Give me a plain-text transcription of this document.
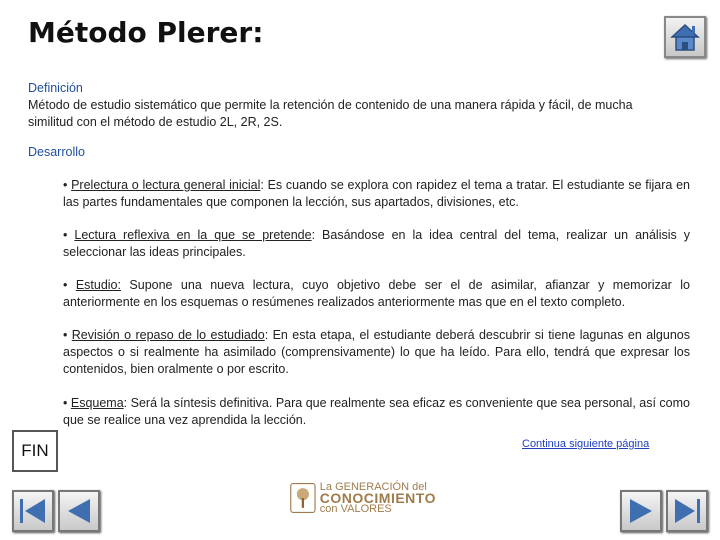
Método Plerer:
Definición
Método de estudio sistemático que permite la retención de contenido de una manera rápida y fácil, de mucha similitud con el método de estudio 2L, 2R, 2S.
Desarrollo
• Prelectura o lectura general inicial: Es cuando se explora con rapidez el tema a tratar. El estudiante se fijara en las partes fundamentales que componen la lección, sus apartados, divisiones, etc.
• Lectura reflexiva en la que se pretende: Basándose en la idea central del tema, realizar un análisis y seleccionar las ideas principales.
• Estudio: Supone una nueva lectura, cuyo objetivo debe ser el de asimilar, afianzar y memorizar lo anteriormente en los esquemas o resúmenes realizados anteriormente mas que en el texto completo.
• Revisión o repaso de lo estudiado: En esta etapa, el estudiante deberá descubrir si tiene lagunas en algunos aspectos o si realmente ha asimilado (comprensivamente) lo que ha leído. Para ello, tendrá que expresar los contenidos, bien oralmente o por escrito.
• Esquema: Será la síntesis definitiva. Para que realmente sea eficaz es conveniente que sea personal, así como que se realice una vez aprendida la lección.
FIN	Continua siguiente página
La GENERACIÓN del
CONOCIMIENTO
con VALORES
